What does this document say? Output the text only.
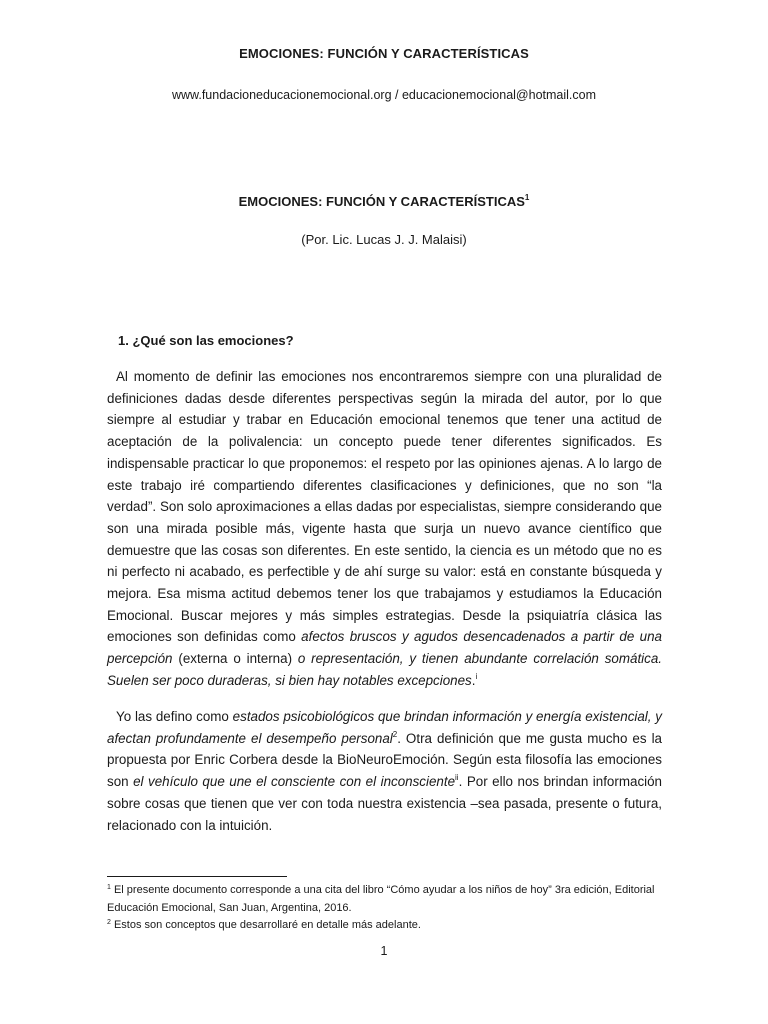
EMOCIONES: FUNCIÓN Y CARACTERÍSTICAS
www.fundacioneducacionemocional.org / educacionemocional@hotmail.com
EMOCIONES: FUNCIÓN Y CARACTERÍSTICAS$^1$
(Por. Lic. Lucas J. J. Malaisi)
1. ¿Qué son las emociones?

Al momento de definir las emociones nos encontraremos siempre con una pluralidad de definiciones dadas desde diferentes perspectivas según la mirada del autor, por lo que siempre al estudiar y trabar en Educación emocional tenemos que tener una actitud de aceptación de la polivalencia: un concepto puede tener diferentes significados. Es indispensable practicar lo que proponemos: el respeto por las opiniones ajenas. A lo largo de este trabajo iré compartiendo diferentes clasificaciones y definiciones, que no son “la verdad”. Son solo aproximaciones a ellas dadas por especialistas, siempre considerando que son una mirada posible más, vigente hasta que surja un nuevo avance científico que demuestre que las cosas son diferentes. En este sentido, la ciencia es un método que no es ni perfecto ni acabado, es perfectible y de ahí surge su valor: está en constante búsqueda y mejora. Esa misma actitud debemos tener los que trabajamos y estudiamos la Educación Emocional. Buscar mejores y más simples estrategias. Desde la psiquiatría clásica las emociones son definidas como afectos bruscos y agudos desencadenados a partir de una percepción (externa o interna) o representación, y tienen abundante correlación somática. Suelen ser poco duraderas, si bien hay notables excepciones.$^i$

Yo las defino como estados psicobiológicos que brindan información y energía existencial, y afectan profundamente el desempeño personal$^2$. Otra definición que me gusta mucho es la propuesta por Enric Corbera desde la BioNeuroEmoción. Según esta filosofía las emociones son el vehículo que une el consciente con el inconsciente$^{ii}$. Por ello nos brindan información sobre cosas que tienen que ver con toda nuestra existencia –sea pasada, presente o futura, relacionado con la intuición.

$^1$ El presente documento corresponde a una cita del libro “Cómo ayudar a los niños de hoy” 3ra edición, Editorial Educación Emocional, San Juan, Argentina, 2016.

$^2$ Estos son conceptos que desarrollaré en detalle más adelante.

1
